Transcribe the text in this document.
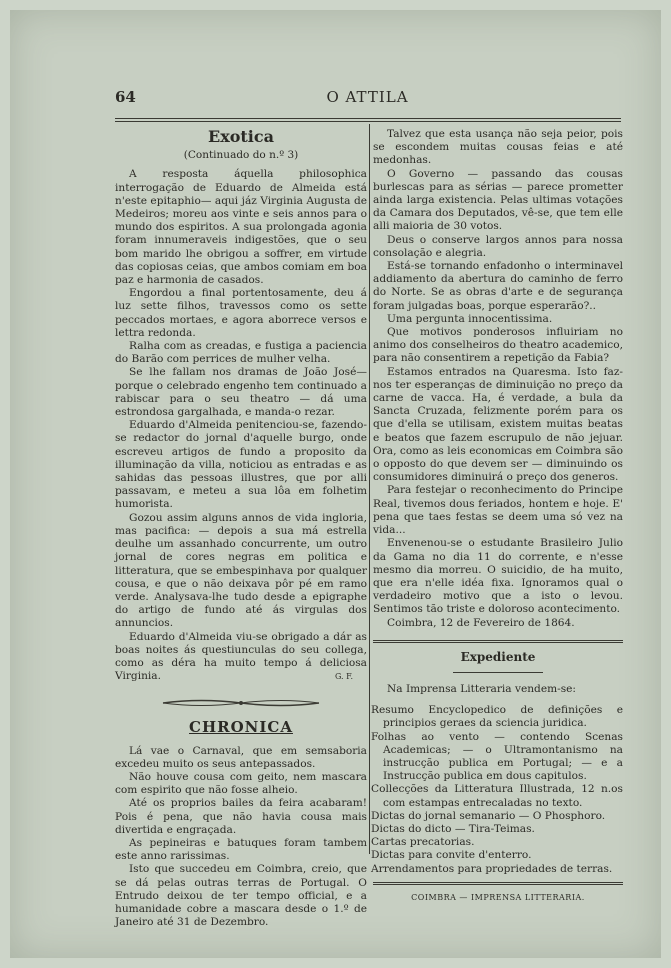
O ATTILA
64
Exotica
(Continuado do n.º 3)

A resposta áquella philosophica interrogação de Eduardo de Almeida está n'este epitaphio— aqui jáz Virginia Augusta de Medeiros; moreu aos vinte e seis annos para o mundo dos espiritos. A sua prolongada agonia foram innumeraveis indigestões, que o seu bom marido lhe obrigou a soffrer, em virtude das copiosas ceias, que ambos comiam em boa paz e harmonia de casados.

Engordou a final portentosamente, deu á luz sette filhos, travessos como os sette peccados mortaes, e agora aborrece versos e lettra redonda.

Ralha com as creadas, e fustiga a paciencia do Barão com perrices de mulher velha.

Se lhe fallam nos dramas de João José—porque o celebrado engenho tem continuado a rabiscar para o seu theatro — dá uma estrondosa gargalhada, e manda-o rezar.

Eduardo d'Almeida penitenciou-se, fazendo-se redactor do jornal d'aquelle burgo, onde escreveu artigos de fundo a proposito da illuminação da villa, noticiou as entradas e as sahidas das pessoas illustres, que por alli passavam, e meteu a sua lôa em folhetim humorista.

Gozou assim alguns annos de vida ingloria, mas pacifica: — depois a sua má estrella deulhe um assanhado concurrente, um outro jornal de cores negras em politica e litteratura, que se embespinhava por qualquer cousa, e que o não deixava pôr pé em ramo verde. Analysava-lhe tudo desde a epigraphe do artigo de fundo até ás virgulas dos annuncios.

Eduardo d'Almeida viu-se obrigado a dár as boas noites ás questiunculas do seu collega, como as déra ha muito tempo á deliciosa Virginia.	G. F.

CHRONICA

Lá vae o Carnaval, que em semsaboria excedeu muito os seus antepassados.

Não houve cousa com geito, nem mascara com espirito que não fosse alheio.

Até os proprios bailes da feira acabaram! Pois é pena, que não havia cousa mais divertida e engraçada.

As pepineiras e batuques foram tambem este anno rarissimas.

Isto que succedeu em Coimbra, creio, que se dá pelas outras terras de Portugal. O Entrudo deixou de ter tempo official, e a humanidade cobre a mascara desde o 1.º de Janeiro até 31 de Dezembro.

Talvez que esta usança não seja peior, pois se escondem muitas cousas feias e até medonhas.

O Governo — passando das cousas burlescas para as sérias — parece prometter ainda larga existencia. Pelas ultimas votações da Camara dos Deputados, vê-se, que tem elle alli maioria de 30 votos.

Deus o conserve largos annos para nossa consolação e alegria.

Está-se tornando enfadonho o interminavel addiamento da abertura do caminho de ferro do Norte. Se as obras d'arte e de segurança foram julgadas boas, porque esperarão?..

Uma pergunta innocentissima.

Que motivos ponderosos influiriam no animo dos conselheiros do theatro academico, para não consentirem a repetição da Fabia?

Estamos entrados na Quaresma. Isto faz-nos ter esperanças de diminuição no preço da carne de vacca. Ha, é verdade, a bula da Sancta Cruzada, felizmente porém para os que d'ella se utilisam, existem muitas beatas e beatos que fazem escrupulo de não jejuar. Ora, como as leis economicas em Coimbra são o opposto do que devem ser — diminuindo os consumidores diminuirá o preço dos generos.

Para festejar o reconhecimento do Principe Real, tivemos dous feriados, hontem e hoje. E' pena que taes festas se deem uma só vez na vida...

Envenenou-se o estudante Brasileiro Julio da Gama no dia 11 do corrente, e n'esse mesmo dia morreu. O suicidio, de ha muito, que era n'elle idéa fixa. Ignoramos qual o verdadeiro motivo que a isto o levou. Sentimos tão triste e doloroso acontecimento.

Coimbra, 12 de Fevereiro de 1864.

Expediente

Na Imprensa Litteraria vendem-se:

Resumo Encyclopedico de definições e principios geraes da sciencia juridica.

Folhas ao vento — contendo Scenas Academicas; — o Ultramontanismo na instrucção publica em Portugal; — e a Instrucção publica em dous capitulos.

Collecções da Litteratura Illustrada, 12 n.os com estampas entrecaladas no texto.

Dictas do jornal semanario — O Phosphoro.

Dictas do dicto — Tira-Teimas.

Cartas precatorias.

Dictas para convite d'enterro.

Arrendamentos para propriedades de terras.

COIMBRA — IMPRENSA LITTERARIA.
